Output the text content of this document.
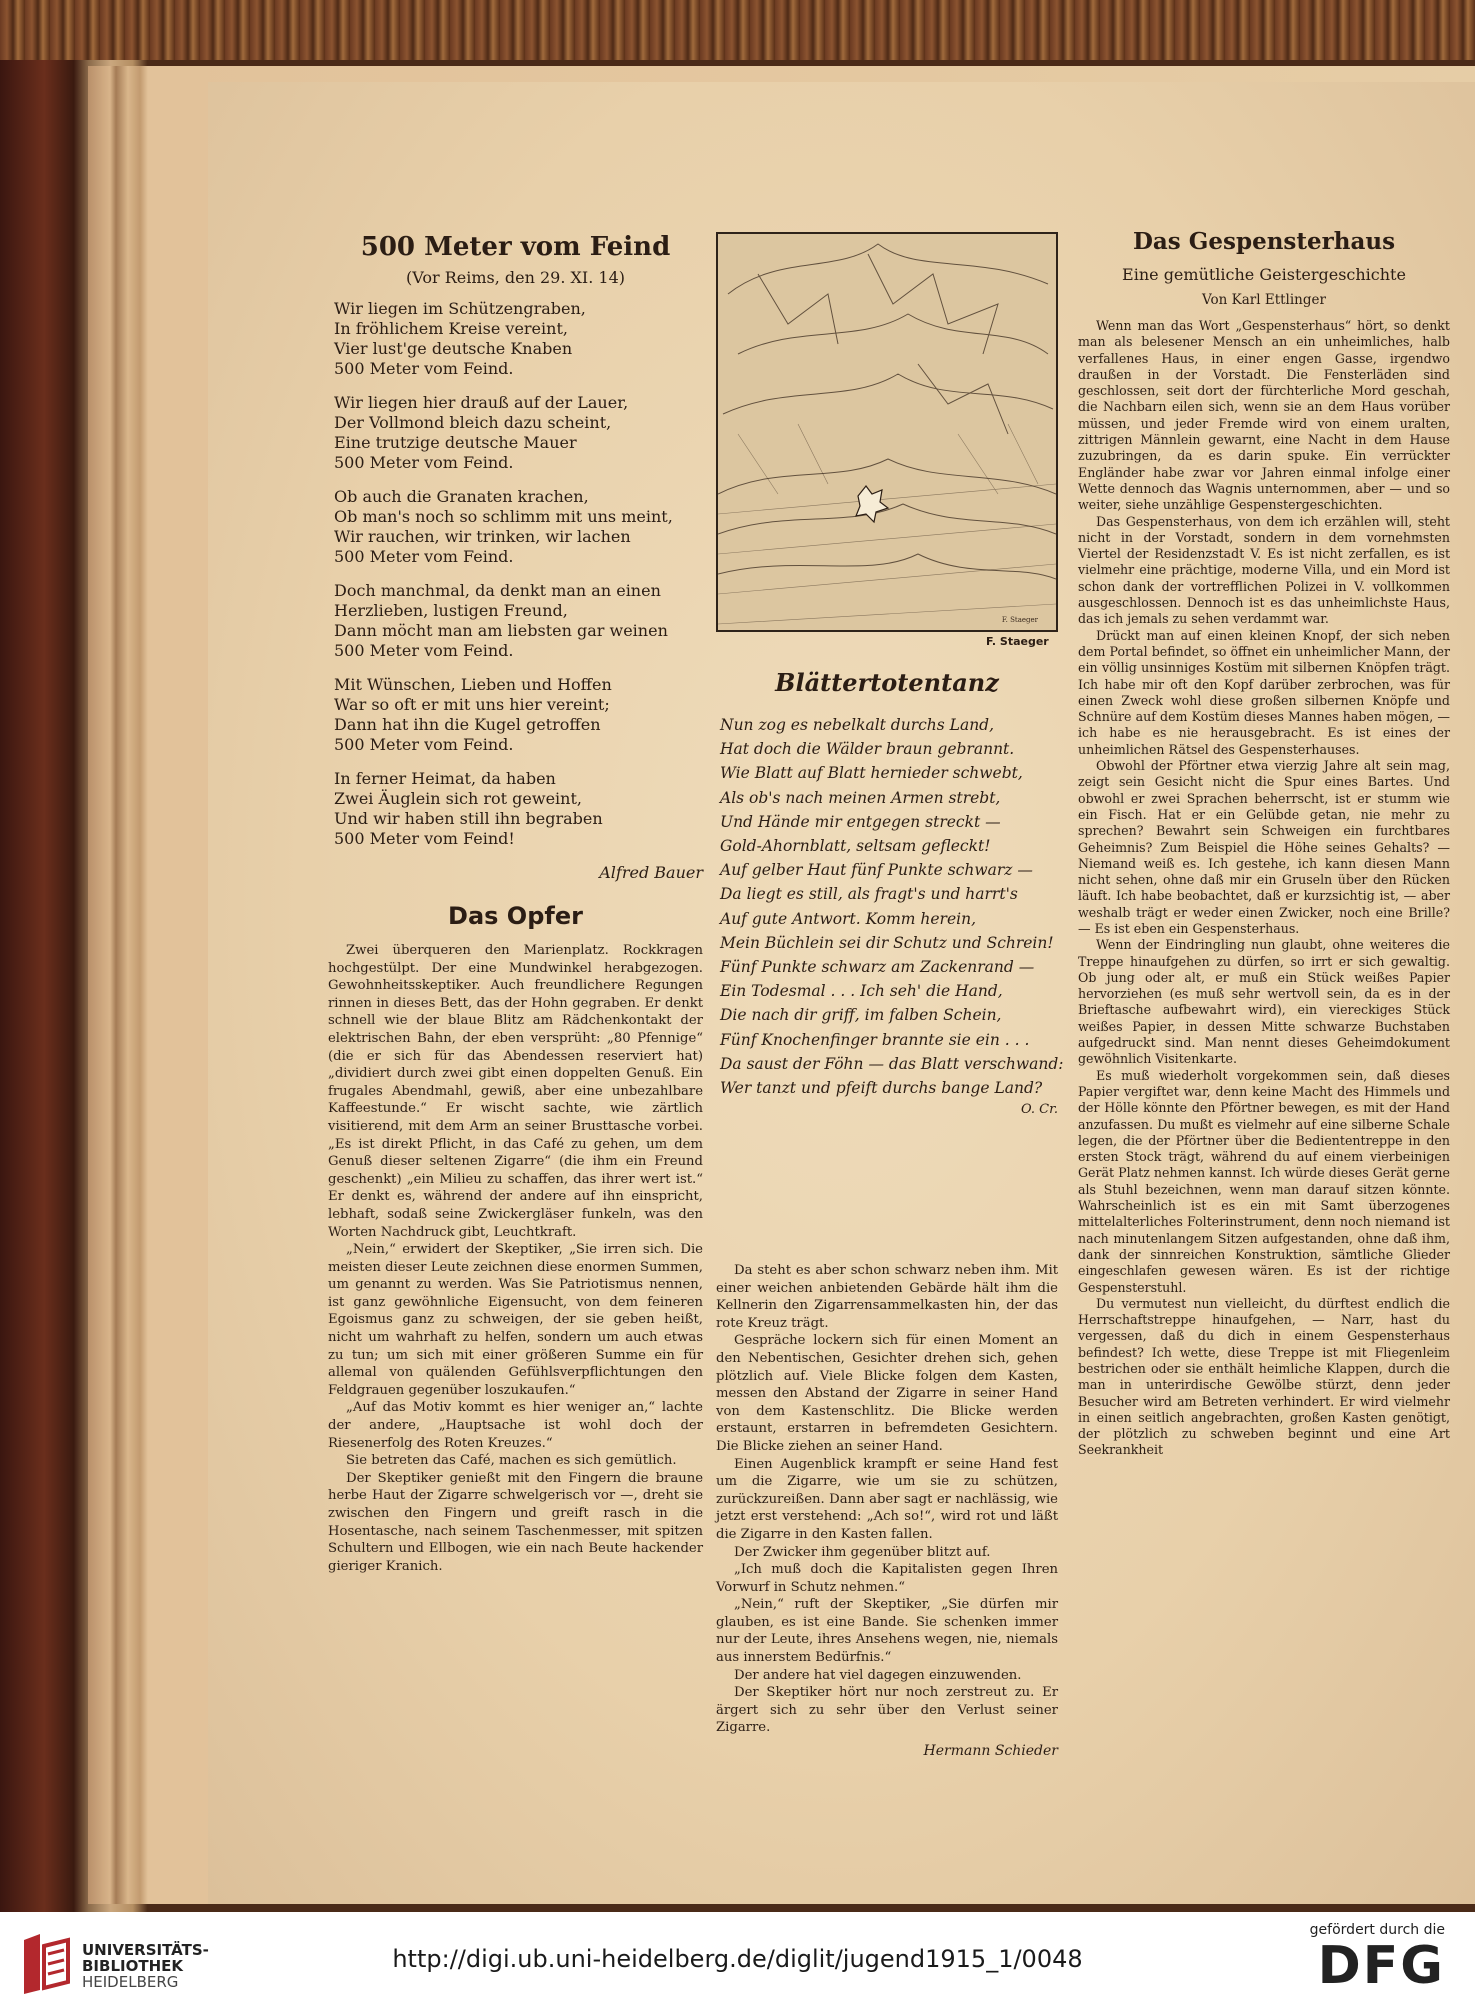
500 Meter vom Feind

(Vor Reims, den 29. XI. 14)

Wir liegen im Schützengraben,

In fröhlichem Kreise vereint,

Vier lust'ge deutsche Knaben

500 Meter vom Feind.

Wir liegen hier drauß auf der Lauer,

Der Vollmond bleich dazu scheint,

Eine trutzige deutsche Mauer

500 Meter vom Feind.

Ob auch die Granaten krachen,

Ob man's noch so schlimm mit uns meint,

Wir rauchen, wir trinken, wir lachen

500 Meter vom Feind.

Doch manchmal, da denkt man an einen

Herzlieben, lustigen Freund,

Dann möcht man am liebsten gar weinen

500 Meter vom Feind.

Mit Wünschen, Lieben und Hoffen

War so oft er mit uns hier vereint;

Dann hat ihn die Kugel getroffen

500 Meter vom Feind.

In ferner Heimat, da haben

Zwei Äuglein sich rot geweint,

Und wir haben still ihn begraben

500 Meter vom Feind!

Alfred Bauer

Das Opfer

Zwei überqueren den Marienplatz. Rockkragen hochgestülpt. Der eine Mundwinkel herabgezogen. Gewohnheitsskeptiker. Auch freundlichere Regungen rinnen in dieses Bett, das der Hohn gegraben. Er denkt schnell wie der blaue Blitz am Rädchenkontakt der elektrischen Bahn, der eben versprüht: „80 Pfennige“ (die er sich für das Abendessen reserviert hat) „dividiert durch zwei gibt einen doppelten Genuß. Ein frugales Abendmahl, gewiß, aber eine unbezahlbare Kaffeestunde.“ Er wischt sachte, wie zärtlich visitierend, mit dem Arm an seiner Brusttasche vorbei. „Es ist direkt Pflicht, in das Café zu gehen, um dem Genuß dieser seltenen Zigarre“ (die ihm ein Freund geschenkt) „ein Milieu zu schaffen, das ihrer wert ist.“ Er denkt es, während der andere auf ihn einspricht, lebhaft, sodaß seine Zwickergläser funkeln, was den Worten Nachdruck gibt, Leuchtkraft.

„Nein,“ erwidert der Skeptiker, „Sie irren sich. Die meisten dieser Leute zeichnen diese enormen Summen, um genannt zu werden. Was Sie Patriotismus nennen, ist ganz gewöhnliche Eigensucht, von dem feineren Egoismus ganz zu schweigen, der sie geben heißt, nicht um wahrhaft zu helfen, sondern um auch etwas zu tun; um sich mit einer größeren Summe ein für allemal von quälenden Gefühlsverpflichtungen den Feldgrauen gegenüber loszukaufen.“

„Auf das Motiv kommt es hier weniger an,“ lachte der andere, „Hauptsache ist wohl doch der Riesenerfolg des Roten Kreuzes.“

Sie betreten das Café, machen es sich gemütlich.

Der Skeptiker genießt mit den Fingern die braune herbe Haut der Zigarre schwelgerisch vor —, dreht sie zwischen den Fingern und greift rasch in die Hosentasche, nach seinem Taschenmesser, mit spitzen Schultern und Ellbogen, wie ein nach Beute hackender gieriger Kranich.

F. Staeger
F. Staeger
Blättertotentanz

Nun zog es nebelkalt durchs Land,

Hat doch die Wälder braun gebrannt.

Wie Blatt auf Blatt hernieder schwebt,

Als ob's nach meinen Armen strebt,

Und Hände mir entgegen streckt —

Gold-Ahornblatt, seltsam gefleckt!

Auf gelber Haut fünf Punkte schwarz —

Da liegt es still, als fragt's und harrt's

Auf gute Antwort. Komm herein,

Mein Büchlein sei dir Schutz und Schrein!

Fünf Punkte schwarz am Zackenrand —

Ein Todesmal . . . Ich seh' die Hand,

Die nach dir griff, im falben Schein,

Fünf Knochenfinger brannte sie ein . . .

Da saust der Föhn — das Blatt verschwand:

Wer tanzt und pfeift durchs bange Land?

O. Cr.

Da steht es aber schon schwarz neben ihm. Mit einer weichen anbietenden Gebärde hält ihm die Kellnerin den Zigarrensammelkasten hin, der das rote Kreuz trägt.

Gespräche lockern sich für einen Moment an den Nebentischen, Gesichter drehen sich, gehen plötzlich auf. Viele Blicke folgen dem Kasten, messen den Abstand der Zigarre in seiner Hand von dem Kastenschlitz. Die Blicke werden erstaunt, erstarren in befremdeten Gesichtern. Die Blicke ziehen an seiner Hand.

Einen Augenblick krampft er seine Hand fest um die Zigarre, wie um sie zu schützen, zurückzureißen. Dann aber sagt er nachlässig, wie jetzt erst verstehend: „Ach so!“, wird rot und läßt die Zigarre in den Kasten fallen.

Der Zwicker ihm gegenüber blitzt auf.

„Ich muß doch die Kapitalisten gegen Ihren Vorwurf in Schutz nehmen.“

„Nein,“ ruft der Skeptiker, „Sie dürfen mir glauben, es ist eine Bande. Sie schenken immer nur der Leute, ihres Ansehens wegen, nie, niemals aus innerstem Bedürfnis.“

Der andere hat viel dagegen einzuwenden.

Der Skeptiker hört nur noch zerstreut zu. Er ärgert sich zu sehr über den Verlust seiner Zigarre.

Hermann Schieder

Das Gespensterhaus

Eine gemütliche Geistergeschichte

Von Karl Ettlinger

Wenn man das Wort „Gespensterhaus“ hört, so denkt man als belesener Mensch an ein unheimliches, halb verfallenes Haus, in einer engen Gasse, irgendwo draußen in der Vorstadt. Die Fensterläden sind geschlossen, seit dort der fürchterliche Mord geschah, die Nachbarn eilen sich, wenn sie an dem Haus vorüber müssen, und jeder Fremde wird von einem uralten, zittrigen Männlein gewarnt, eine Nacht in dem Hause zuzubringen, da es darin spuke. Ein verrückter Engländer habe zwar vor Jahren einmal infolge einer Wette dennoch das Wagnis unternommen, aber — und so weiter, siehe unzählige Gespenstergeschichten.

Das Gespensterhaus, von dem ich erzählen will, steht nicht in der Vorstadt, sondern in dem vornehmsten Viertel der Residenzstadt V. Es ist nicht zerfallen, es ist vielmehr eine prächtige, moderne Villa, und ein Mord ist schon dank der vortrefflichen Polizei in V. vollkommen ausgeschlossen. Dennoch ist es das unheimlichste Haus, das ich jemals zu sehen verdammt war.

Drückt man auf einen kleinen Knopf, der sich neben dem Portal befindet, so öffnet ein unheimlicher Mann, der ein völlig unsinniges Kostüm mit silbernen Knöpfen trägt. Ich habe mir oft den Kopf darüber zerbrochen, was für einen Zweck wohl diese großen silbernen Knöpfe und Schnüre auf dem Kostüm dieses Mannes haben mögen, — ich habe es nie herausgebracht. Es ist eines der unheimlichen Rätsel des Gespensterhauses.

Obwohl der Pförtner etwa vierzig Jahre alt sein mag, zeigt sein Gesicht nicht die Spur eines Bartes. Und obwohl er zwei Sprachen beherrscht, ist er stumm wie ein Fisch. Hat er ein Gelübde getan, nie mehr zu sprechen? Bewahrt sein Schweigen ein furchtbares Geheimnis? Zum Beispiel die Höhe seines Gehalts? — Niemand weiß es. Ich gestehe, ich kann diesen Mann nicht sehen, ohne daß mir ein Gruseln über den Rücken läuft. Ich habe beobachtet, daß er kurzsichtig ist, — aber weshalb trägt er weder einen Zwicker, noch eine Brille? — Es ist eben ein Gespensterhaus.

Wenn der Eindringling nun glaubt, ohne weiteres die Treppe hinaufgehen zu dürfen, so irrt er sich gewaltig. Ob jung oder alt, er muß ein Stück weißes Papier hervorziehen (es muß sehr wertvoll sein, da es in der Brieftasche aufbewahrt wird), ein viereckiges Stück weißes Papier, in dessen Mitte schwarze Buchstaben aufgedruckt sind. Man nennt dieses Geheimdokument gewöhnlich Visitenkarte.

Es muß wiederholt vorgekommen sein, daß dieses Papier vergiftet war, denn keine Macht des Himmels und der Hölle könnte den Pförtner bewegen, es mit der Hand anzufassen. Du mußt es vielmehr auf eine silberne Schale legen, die der Pförtner über die Bediententreppe in den ersten Stock trägt, während du auf einem vierbeinigen Gerät Platz nehmen kannst. Ich würde dieses Gerät gerne als Stuhl bezeichnen, wenn man darauf sitzen könnte. Wahrscheinlich ist es ein mit Samt überzogenes mittelalterliches Folterinstrument, denn noch niemand ist nach minutenlangem Sitzen aufgestanden, ohne daß ihm, dank der sinnreichen Konstruktion, sämtliche Glieder eingeschlafen gewesen wären. Es ist der richtige Gespensterstuhl.

Du vermutest nun vielleicht, du dürftest endlich die Herrschaftstreppe hinaufgehen, — Narr, hast du vergessen, daß du dich in einem Gespensterhaus befindest? Ich wette, diese Treppe ist mit Fliegenleim bestrichen oder sie enthält heimliche Klappen, durch die man in unterirdische Gewölbe stürzt, denn jeder Besucher wird am Betreten verhindert. Er wird vielmehr in einen seitlich angebrachten, großen Kasten genötigt, der plötzlich zu schweben beginnt und eine Art Seekrankheit

UNIVERSITÄTS-
BIBLIOTHEK
HEIDELBERG
http://digi.ub.uni-heidelberg.de/diglit/jugend1915_1/0048
gefördert durch die
DFG
